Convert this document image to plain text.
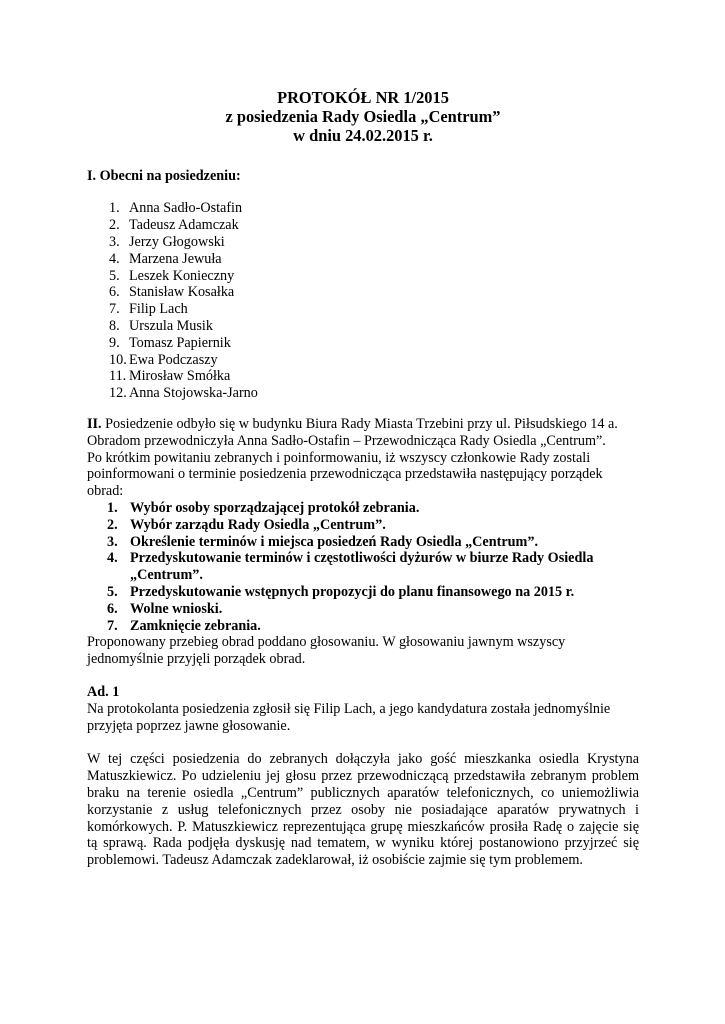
PROTOKÓŁ NR 1/2015
z posiedzenia Rady Osiedla „Centrum”
w dniu 24.02.2015 r.

I. Obecni na posiedzeniu:

1. Anna Sadło-Ostafin
2. Tadeusz Adamczak
3. Jerzy Głogowski
4. Marzena Jewuła
5. Leszek Konieczny
6. Stanisław Kosałka
7. Filip Lach
8. Urszula Musik
9. Tomasz Papiernik
10. Ewa Podczaszy
11. Mirosław Smółka
12. Anna Stojowska-Jarno

II. Posiedzenie odbyło się w budynku Biura Rady Miasta Trzebini przy ul. Piłsudskiego 14 a.

Obradom przewodniczyła Anna Sadło-Ostafin – Przewodnicząca Rady Osiedla „Centrum”.

Po krótkim powitaniu zebranych i poinformowaniu, iż wszyscy członkowie Rady zostali

poinformowani o terminie posiedzenia przewodnicząca przedstawiła następujący porządek

obrad:

1. Wybór osoby sporządzającej protokół zebrania.
2. Wybór zarządu Rady Osiedla „Centrum”.
3. Określenie terminów i miejsca posiedzeń Rady Osiedla „Centrum”.
4. Przedyskutowanie terminów i częstotliwości dyżurów w biurze Rady Osiedla „Centrum”.
5. Przedyskutowanie wstępnych propozycji do planu finansowego na 2015 r.
6. Wolne wnioski.
7. Zamknięcie zebrania.

Proponowany przebieg obrad poddano głosowaniu. W głosowaniu jawnym wszyscy

jednomyślnie przyjęli porządek obrad.

Ad. 1

Na protokolanta posiedzenia zgłosił się Filip Lach, a jego kandydatura została jednomyślnie

przyjęta poprzez jawne głosowanie.

W tej części posiedzenia do zebranych dołączyła jako gość mieszkanka osiedla Krystyna Matuszkiewicz. Po udzieleniu jej głosu przez przewodniczącą przedstawiła zebranym problem braku na terenie osiedla „Centrum” publicznych aparatów telefonicznych, co uniemożliwia korzystanie z usług telefonicznych przez osoby nie posiadające aparatów prywatnych i komórkowych. P. Matuszkiewicz reprezentująca grupę mieszkańców prosiła Radę o zajęcie się tą sprawą. Rada podjęła dyskusję nad tematem, w wyniku której postanowiono przyjrzeć się problemowi. Tadeusz Adamczak zadeklarował, iż osobiście zajmie się tym problemem.
